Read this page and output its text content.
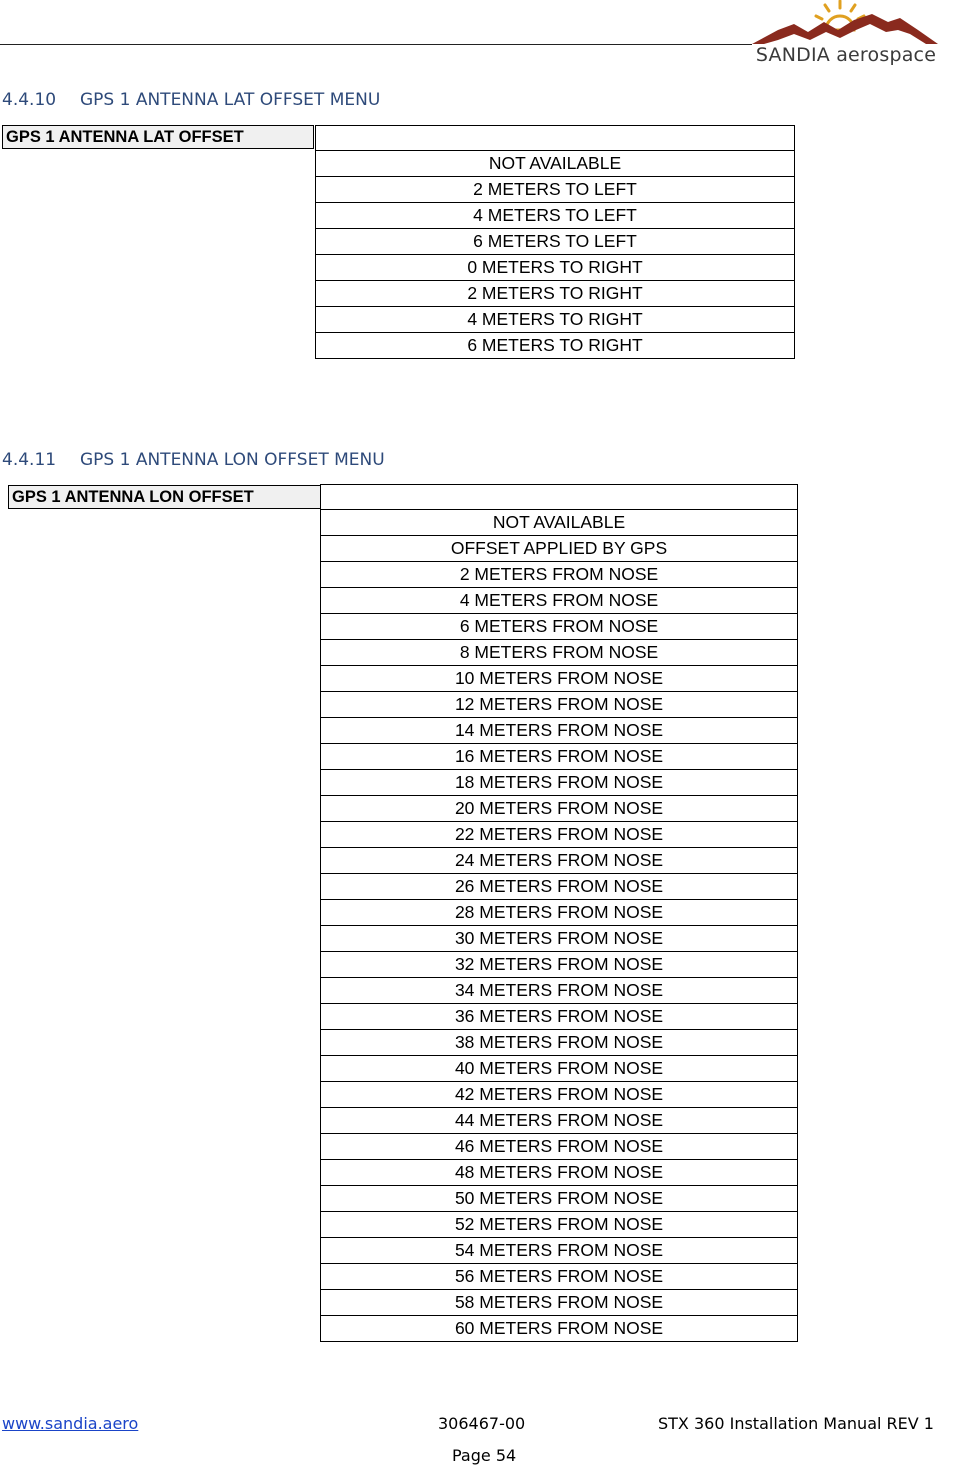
SANDIA aerospace
4.4.10 GPS 1 ANTENNA LAT OFFSET MENU
GPS 1 ANTENNA LAT OFFSET

NOT AVAILABLE
2 METERS TO LEFT
4 METERS TO LEFT
6 METERS TO LEFT
0 METERS TO RIGHT
2 METERS TO RIGHT
4 METERS TO RIGHT
6 METERS TO RIGHT
4.4.11 GPS 1 ANTENNA LON OFFSET MENU
GPS 1 ANTENNA LON OFFSET

NOT AVAILABLE
OFFSET APPLIED BY GPS
2 METERS FROM NOSE
4 METERS FROM NOSE
6 METERS FROM NOSE
8 METERS FROM NOSE
10 METERS FROM NOSE
12 METERS FROM NOSE
14 METERS FROM NOSE
16 METERS FROM NOSE
18 METERS FROM NOSE
20 METERS FROM NOSE
22 METERS FROM NOSE
24 METERS FROM NOSE
26 METERS FROM NOSE
28 METERS FROM NOSE
30 METERS FROM NOSE
32 METERS FROM NOSE
34 METERS FROM NOSE
36 METERS FROM NOSE
38 METERS FROM NOSE
40 METERS FROM NOSE
42 METERS FROM NOSE
44 METERS FROM NOSE
46 METERS FROM NOSE
48 METERS FROM NOSE
50 METERS FROM NOSE
52 METERS FROM NOSE
54 METERS FROM NOSE
56 METERS FROM NOSE
58 METERS FROM NOSE
60 METERS FROM NOSE
www.sandia.aero	306467-00	STX 360 Installation Manual REV 1
Page 54
